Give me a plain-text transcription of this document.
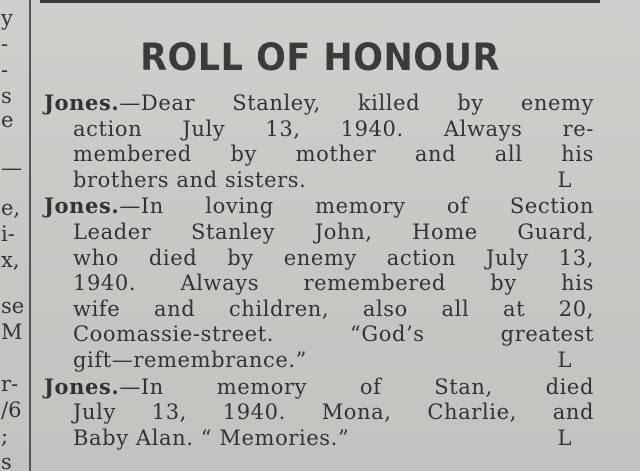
y
-
-
s
e
—
e,
i-
x,
se
M
r-
/6
;
s
ROLL OF HONOUR
Jones.—Dear Stanley, killed by enemy
action July 13, 1940. Always re-
membered by mother and all his
brothers and sisters.	L
Jones.—In loving memory of Section
Leader Stanley John, Home Guard,
who died by enemy action July 13,
1940. Always remembered by his
wife and children, also all at 20,
Coomassie-street. “God’s greatest
gift—remembrance.”	L
Jones.—In memory of Stan, died
July 13, 1940. Mona, Charlie, and
Baby Alan. “ Memories.”	L
